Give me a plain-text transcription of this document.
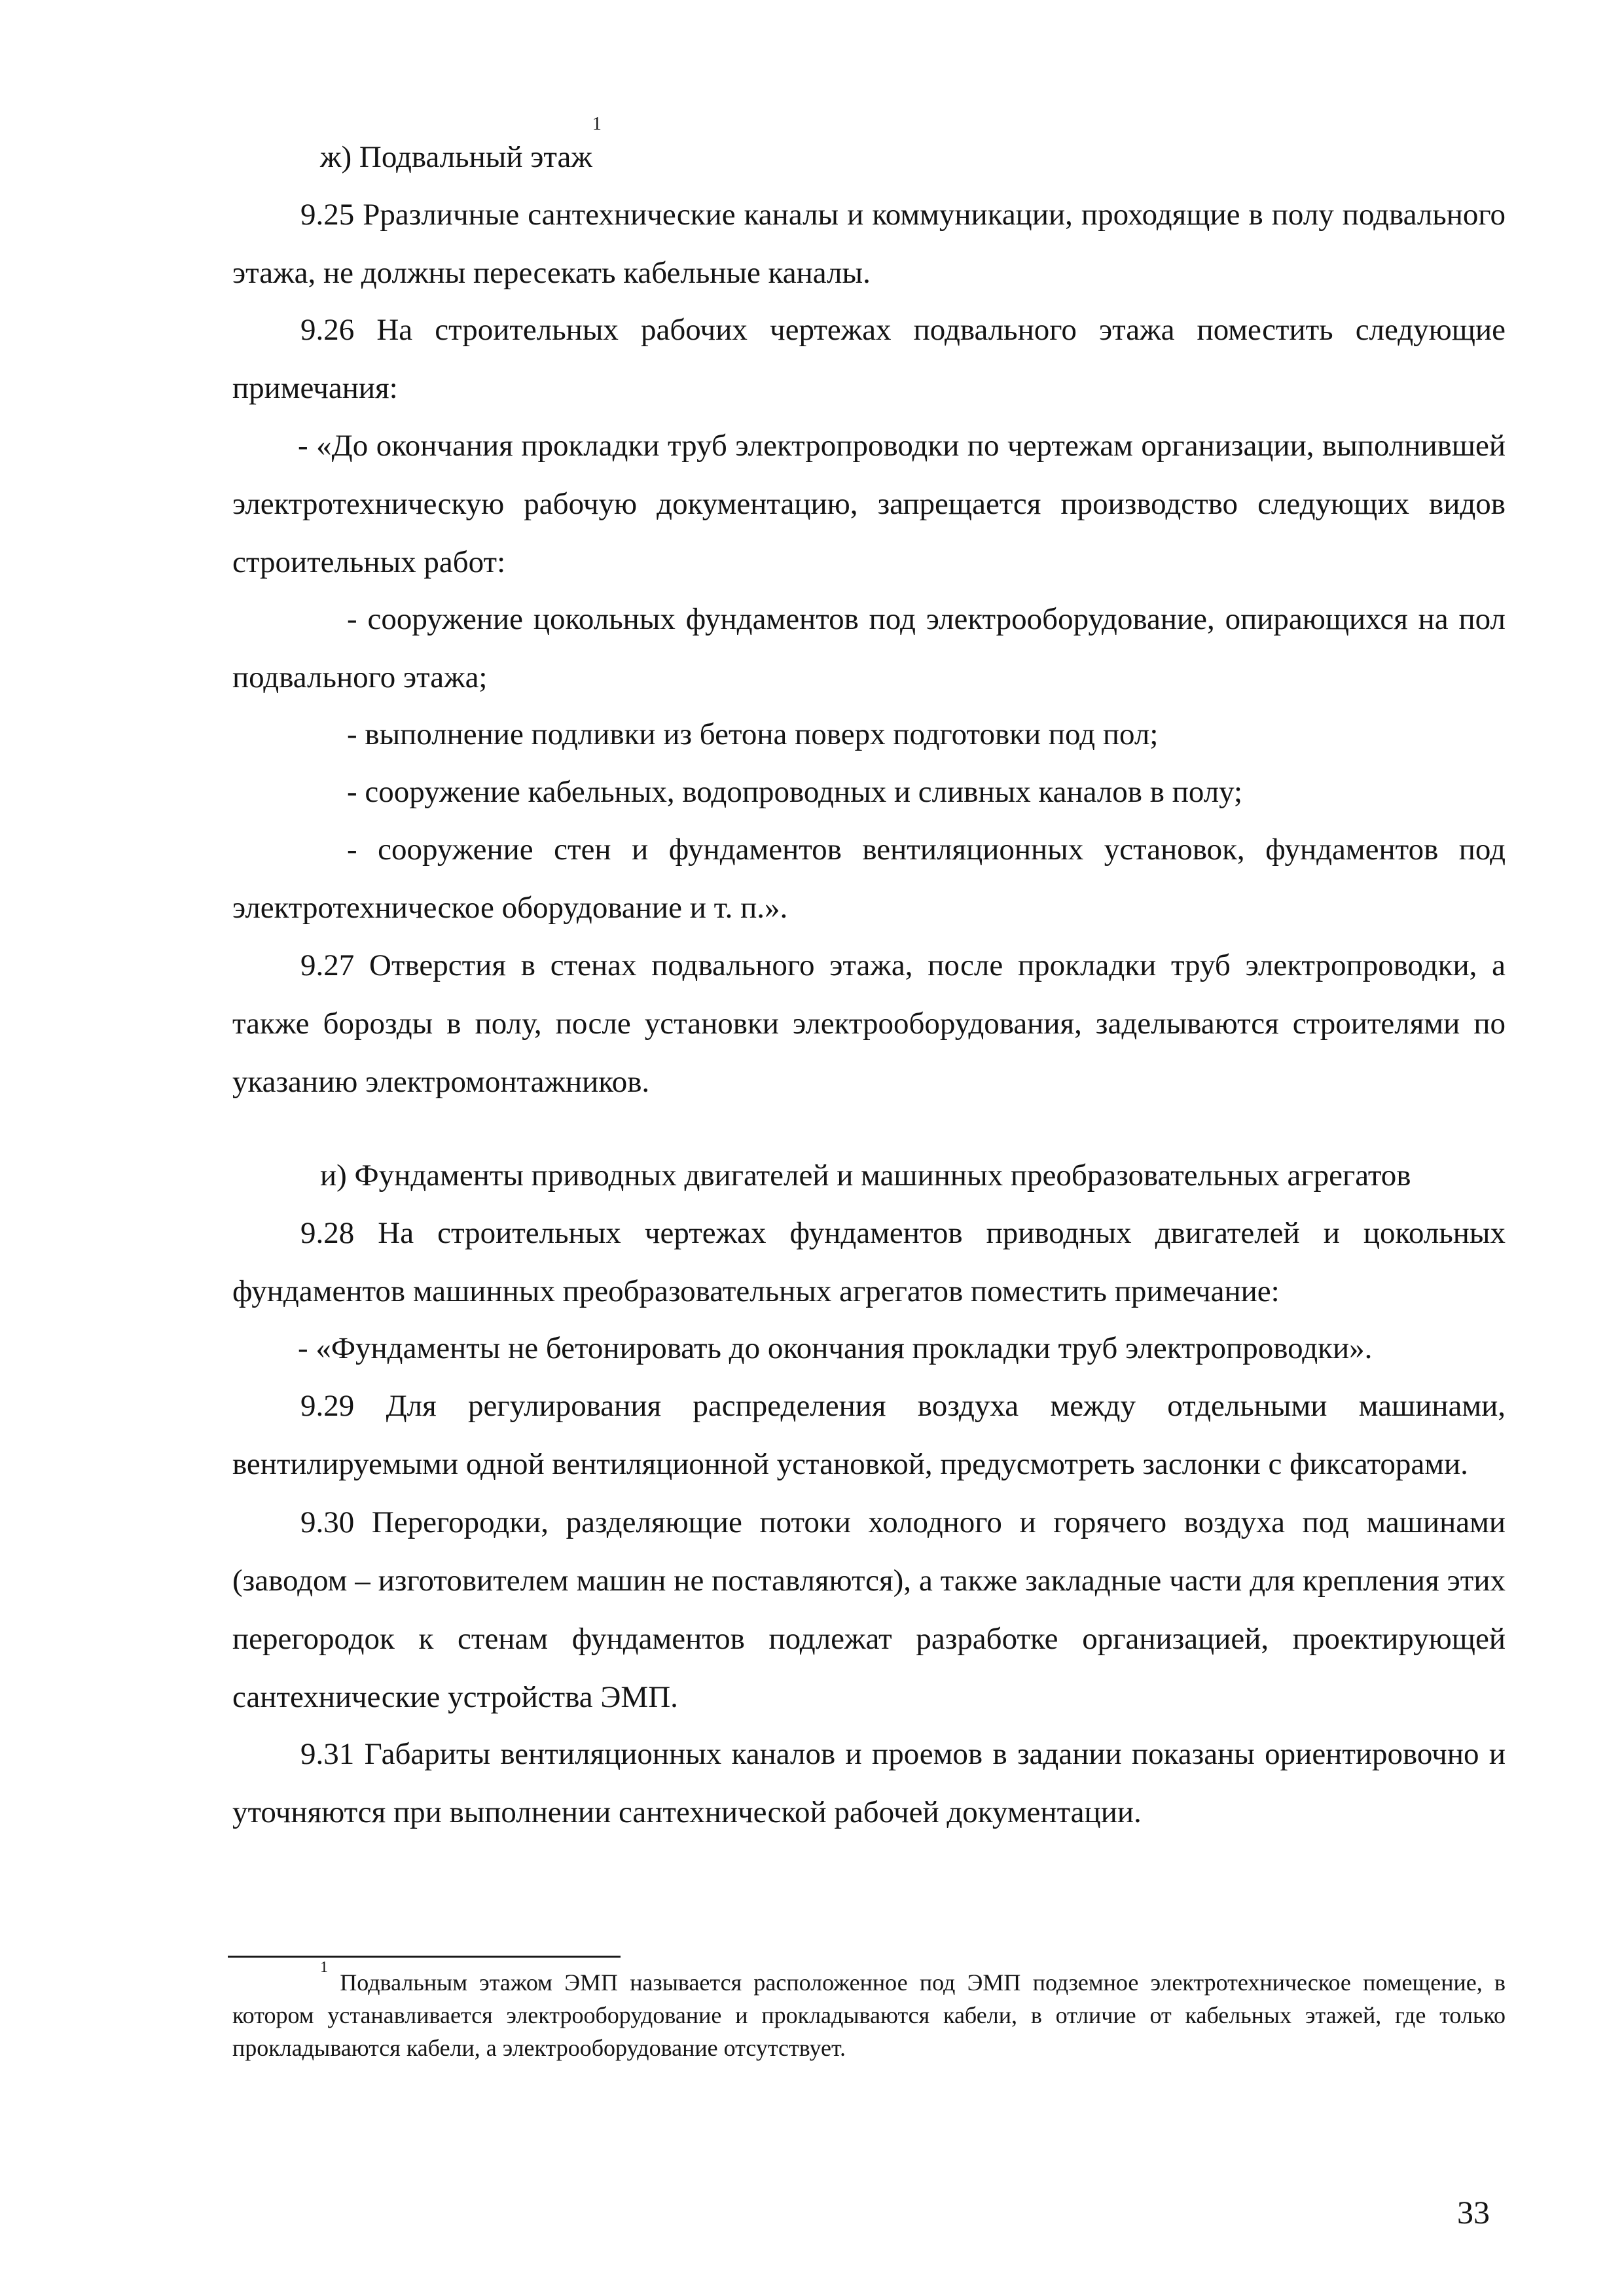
ж) Подвальный этаж$^1$
9.25 Рразличные сантехнические каналы и коммуникации, проходящие в полу подвального этажа, не должны пересекать кабельные каналы.
9.26 На строительных рабочих чертежах подвального этажа поместить следующие примечания:
- «До окончания прокладки труб электропроводки по чертежам организации, выполнившей электротехническую рабочую документацию, запрещается производство следующих видов строительных работ:
- сооружение цокольных фундаментов под электрооборудование, опирающихся на пол подвального этажа;
- выполнение подливки из бетона поверх подготовки под пол;
- сооружение кабельных, водопроводных и сливных каналов в полу;
- сооружение стен и фундаментов вентиляционных установок, фундаментов под электротехническое оборудование и т. п.».
9.27 Отверстия в стенах подвального этажа, после прокладки труб электропроводки, а также борозды в полу, после установки электрооборудования, заделываются строителями по указанию электромонтажников.
и) Фундаменты приводных двигателей и машинных преобразовательных агрегатов
9.28 На строительных чертежах фундаментов приводных двигателей и цокольных фундаментов машинных преобразовательных агрегатов поместить примечание:
- «Фундаменты не бетонировать до окончания прокладки труб электропроводки».
9.29 Для регулирования распределения воздуха между отдельными машинами, вентилируемыми одной вентиляционной установкой, предусмотреть заслонки с фиксаторами.
9.30 Перегородки, разделяющие потоки холодного и горячего воздуха под машинами (заводом – изготовителем машин не поставляются), а также закладные части для крепления этих перегородок к стенам фундаментов подлежат разработке организацией, проектирующей сантехнические устройства ЭМП.
9.31 Габариты вентиляционных каналов и проемов в задании показаны ориентировочно и уточняются при выполнении сантехнической рабочей документации.
$^1$ Подвальным этажом ЭМП называется расположенное под ЭМП подземное электротехническое помещение, в котором устанавливается электрооборудование и прокладываются кабели, в отличие от кабельных этажей, где только прокладываются кабели, а электрооборудование отсутствует.
33
